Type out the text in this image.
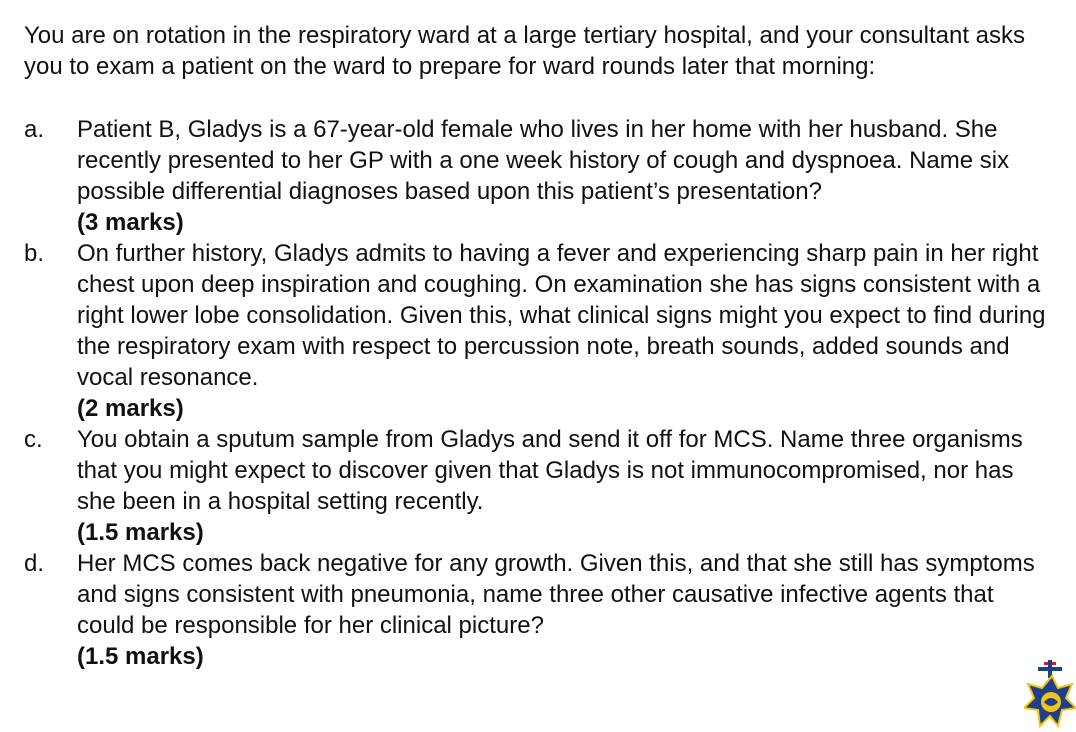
You are on rotation in the respiratory ward at a large tertiary hospital, and your consultant asks you to exam a patient on the ward to prepare for ward rounds later that morning:

a. Patient B, Gladys is a 67-year-old female who lives in her home with her husband. She recently presented to her GP with a one week history of cough and dyspnoea. Name six possible differential diagnoses based upon this patient’s presentation?
(3 marks)
b. On further history, Gladys admits to having a fever and experiencing sharp pain in her right chest upon deep inspiration and coughing. On examination she has signs consistent with a right lower lobe consolidation. Given this, what clinical signs might you expect to find during the respiratory exam with respect to percussion note, breath sounds, added sounds and vocal resonance.
(2 marks)
c. You obtain a sputum sample from Gladys and send it off for MCS. Name three organisms that you might expect to discover given that Gladys is not immunocompromised, nor has she been in a hospital setting recently.
(1.5 marks)
d. Her MCS comes back negative for any growth. Given this, and that she still has symptoms and signs consistent with pneumonia, name three other causative infective agents that could be responsible for her clinical picture?
(1.5 marks)
